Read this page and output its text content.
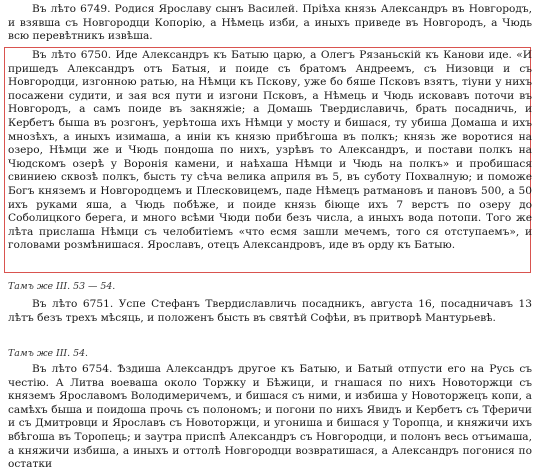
Въ лѣто 6749. Родися Ярославу сынъ Василей. Пріѣха князь Александръ въ Новгородъ, и взявша съ Новгородци Копорію, а Нѣмець изби, а иныхъ приведе въ Новгородъ, а Чюдь всю перевѣтникъ извѣша.

Въ лѣто 6750. Иде Александръ къ Батыю царю, а Олегъ Рязаньскій къ Канови иде. «И пришедъ Александръ отъ Батыя, и поиде съ братомъ Андреемъ, съ Низовци и съ Новгородци, изгонною ратью, на Нѣмци къ Пскову, уже бо бяше Псковъ взятъ, тіуни у нихъ посажени судити, и зая вся пути и изгони Псковъ, а Нѣмець и Чюдь исковавъ поточи въ Новгородъ, а самъ поиде въ закняжіе; а Домашь Твердиславичь, брать посадничь, и Кербетъ быша въ розгонъ, уерѣтоша ихъ Нѣмци у мосту и бишася, ту убиша Домаша и ихъ мнозѣхъ, а иныхъ изимаша, а иніи къ князю прибѣгоша въ полкъ; князь же воротися на озеро, Нѣмци же и Чюдь пондоша по нихъ, узрѣвъ то Александръ, и постави полкъ на Чюдскомъ озерѣ у Воронія камени, и наѣхаша Нѣмци и Чюдь на полкъ» и пробишася свиниею сквозѣ полкъ, бысть ту сѣча велика априля въ 5, въ суботу Похвалную; и поможе Богъ княземъ и Новгородцемъ и Плесковицемъ, паде Нѣмецъ ратмановъ и пановъ 500, а 50 ихъ руками яша, а Чюдь побѣже, и поиде князь біюще ихъ 7 верстъ по озеру до Соболицкого берега, и много всѣми Чюди поби безъ числа, а иныхъ вода потопи. Того же лѣта прислаша Нѣмци съ челобитіемъ «что есмя зашли мечемъ, того ся отступаемъ», и головами розмѣнишася. Ярославъ, отецъ Александровъ, иде въ орду къ Батыю.

Тамъ же III. 53 — 54.

Въ лѣто 6751. Успе Стефанъ Твердиславличь посадникъ, августа 16, посадничавъ 13 лѣтъ безъ трехъ мѣсяць, и положенъ бысть въ святѣй Софѣи, въ притворѣ Мантурьевѣ.

Тамъ же III. 54.

Въ лѣто 6754. Ѣздиша Александръ другое къ Батыю, и Батый отпусти его на Русь съ честію. А Литва воеваша около Торжку и Бѣжици, и гнашася по нихъ Новоторжци съ княземъ Ярославомъ Володимеричемъ, и бишася съ ними, и избиша у Новоторжецъ копи, а самѣхъ быша и поидоша прочь съ полономъ; и погони по нихъ Явидъ и Кербетъ съ Тферичи и съ Дмитровци и Ярославъ съ Новоторжци, и угониша и бишася у Торопца, и княжичи ихъ вбѣгоша въ Торопець; и заутра приспѣ Александръ съ Новгородци, и полонъ весь отъимаша, а княжичи избиша, а иныхъ и оттолѣ Новгородци возвратишася, а Александръ погонися по остатки
